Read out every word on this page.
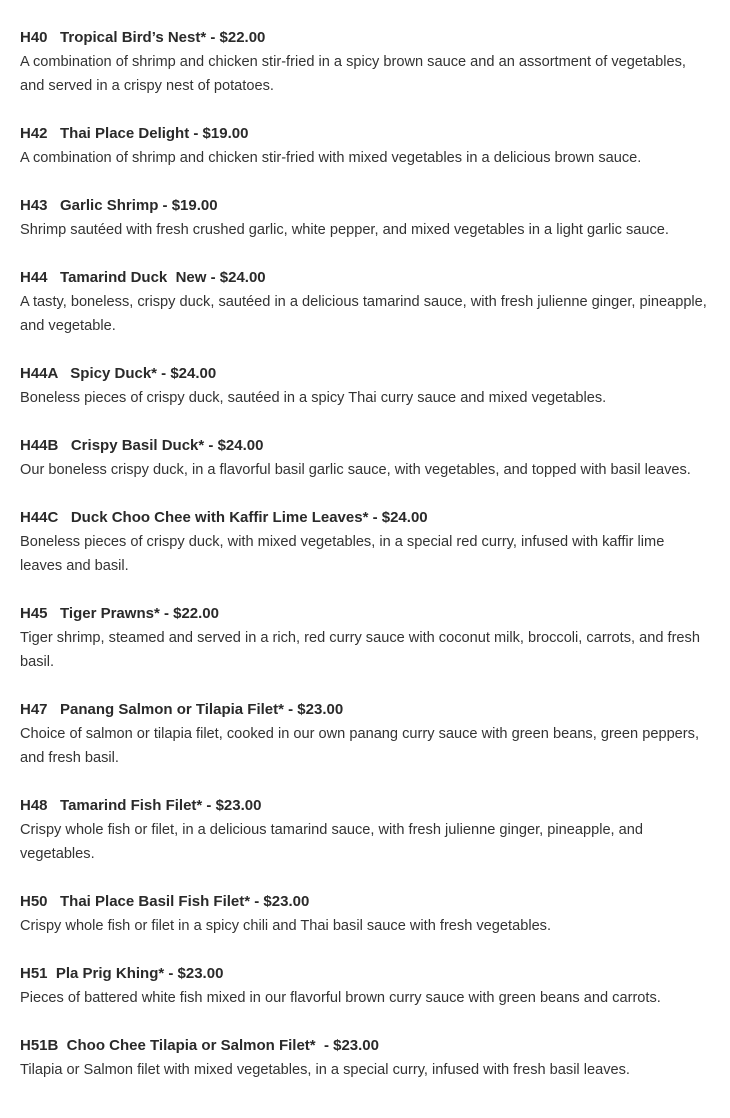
H40   Tropical Bird’s Nest* - $22.00
A combination of shrimp and chicken stir-fried in a spicy brown sauce and an assortment of vegetables, and served in a crispy nest of potatoes.
H42   Thai Place Delight - $19.00
A combination of shrimp and chicken stir-fried with mixed vegetables in a delicious brown sauce.
H43   Garlic Shrimp - $19.00
Shrimp sautéed with fresh crushed garlic, white pepper, and mixed vegetables in a light garlic sauce.
H44   Tamarind Duck  New - $24.00
A tasty, boneless, crispy duck, sautéed in a delicious tamarind sauce, with fresh julienne ginger, pineapple, and vegetable.
H44A   Spicy Duck* - $24.00
Boneless pieces of crispy duck, sautéed in a spicy Thai curry sauce and mixed vegetables.
H44B   Crispy Basil Duck* - $24.00
Our boneless crispy duck, in a flavorful basil garlic sauce, with vegetables, and topped with basil leaves.
H44C   Duck Choo Chee with Kaffir Lime Leaves* - $24.00
Boneless pieces of crispy duck, with mixed vegetables, in a special red curry, infused with kaffir lime leaves and basil.
H45   Tiger Prawns* - $22.00
Tiger shrimp, steamed and served in a rich, red curry sauce with coconut milk, broccoli, carrots, and fresh basil.
H47   Panang Salmon or Tilapia Filet* - $23.00
Choice of salmon or tilapia filet, cooked in our own panang curry sauce with green beans, green peppers, and fresh basil.
H48   Tamarind Fish Filet* - $23.00
Crispy whole fish or filet, in a delicious tamarind sauce, with fresh julienne ginger, pineapple, and vegetables.
H50   Thai Place Basil Fish Filet* - $23.00
Crispy whole fish or filet in a spicy chili and Thai basil sauce with fresh vegetables.
H51  Pla Prig Khing* - $23.00
Pieces of battered white fish mixed in our flavorful brown curry sauce with green beans and carrots.
H51B  Choo Chee Tilapia or Salmon Filet*  - $23.00
Tilapia or Salmon filet with mixed vegetables, in a special curry, infused with fresh basil leaves.
